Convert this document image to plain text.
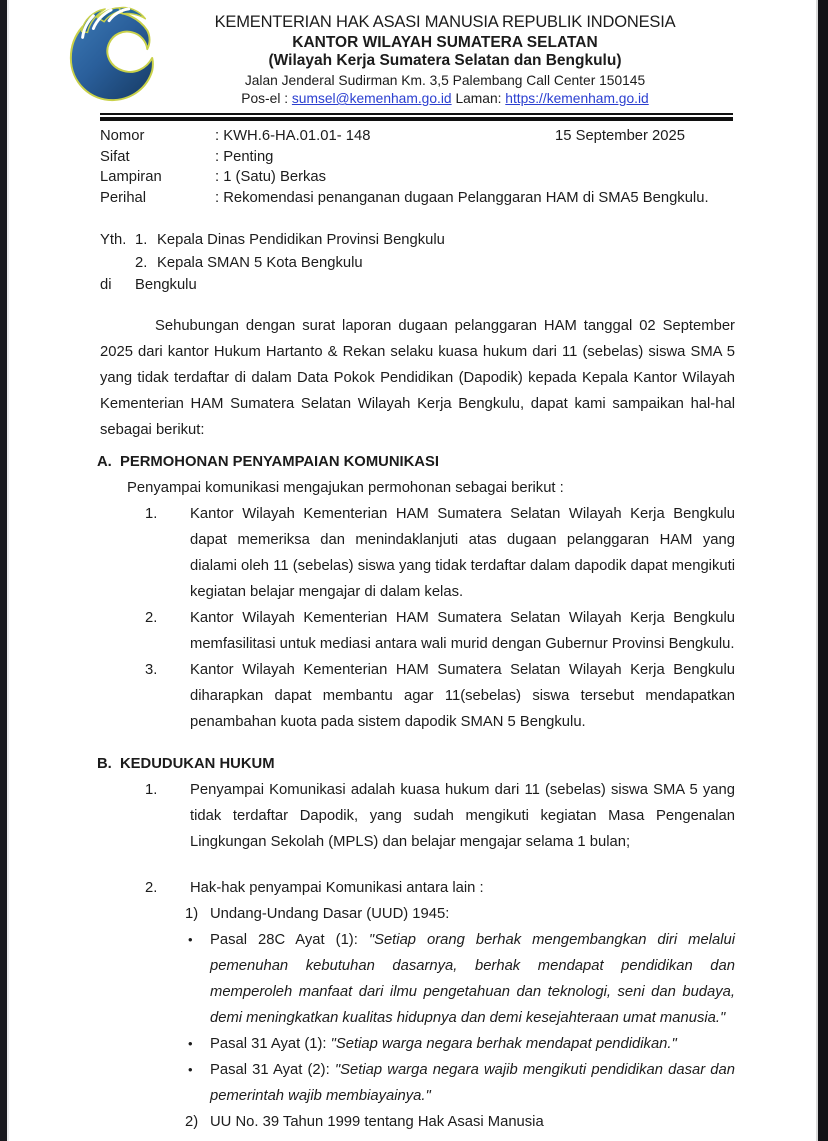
KEMENTERIAN HAK ASASI MANUSIA REPUBLIK INDONESIA
KANTOR WILAYAH SUMATERA SELATAN
(Wilayah Kerja Sumatera Selatan dan Bengkulu)
Jalan Jenderal Sudirman Km. 3,5 Palembang Call Center 150145
Pos-el : sumsel@kemenham.go.id Laman: https://kemenham.go.id
15 September 2025
Nomor	: KWH.6-HA.01.01- 148
Sifat	: Penting
Lampiran	: 1 (Satu) Berkas
Perihal	: Rekomendasi penanganan dugaan Pelanggaran HAM di SMA5 Bengkulu.
Yth. 1. Kepala Dinas Pendidikan Provinsi Bengkulu
2. Kepala SMAN 5 Kota Bengkulu
di	Bengkulu

Sehubungan dengan surat laporan dugaan pelanggaran HAM tanggal 02 September 2025 dari kantor Hukum Hartanto & Rekan selaku kuasa hukum dari 11 (sebelas) siswa SMA 5 yang tidak terdaftar di dalam Data Pokok Pendidikan (Dapodik) kepada Kepala Kantor Wilayah Kementerian HAM Sumatera Selatan Wilayah Kerja Bengkulu, dapat kami sampaikan hal-hal sebagai berikut:

A. PERMOHONAN PENYAMPAIAN KOMUNIKASI
Penyampai komunikasi mengajukan permohonan sebagai berikut :
1.	Kantor Wilayah Kementerian HAM Sumatera Selatan Wilayah Kerja Bengkulu dapat memeriksa dan menindaklanjuti atas dugaan pelanggaran HAM yang dialami oleh 11 (sebelas) siswa yang tidak terdaftar dalam dapodik dapat mengikuti kegiatan belajar mengajar di dalam kelas.
2.	Kantor Wilayah Kementerian HAM Sumatera Selatan Wilayah Kerja Bengkulu memfasilitasi untuk mediasi antara wali murid dengan Gubernur Provinsi Bengkulu.
3.	Kantor Wilayah Kementerian HAM Sumatera Selatan Wilayah Kerja Bengkulu diharapkan dapat membantu agar 11(sebelas) siswa tersebut mendapatkan penambahan kuota pada sistem dapodik SMAN 5 Bengkulu.
B. KEDUDUKAN HUKUM
1.	Penyampai Komunikasi adalah kuasa hukum dari 11 (sebelas) siswa SMA 5 yang tidak terdaftar Dapodik, yang sudah mengikuti kegiatan Masa Pengenalan Lingkungan Sekolah (MPLS) dan belajar mengajar selama 1 bulan;
2.	Hak-hak penyampai Komunikasi antara lain :
1) Undang-Undang Dasar (UUD) 1945:
•	Pasal 28C Ayat (1): "Setiap orang berhak mengembangkan diri melalui pemenuhan kebutuhan dasarnya, berhak mendapat pendidikan dan memperoleh manfaat dari ilmu pengetahuan dan teknologi, seni dan budaya, demi meningkatkan kualitas hidupnya dan demi kesejahteraan umat manusia."
•	Pasal 31 Ayat (1): "Setiap warga negara berhak mendapat pendidikan."
•	Pasal 31 Ayat (2): "Setiap warga negara wajib mengikuti pendidikan dasar dan pemerintah wajib membiayainya."
2) UU No. 39 Tahun 1999 tentang Hak Asasi Manusia
